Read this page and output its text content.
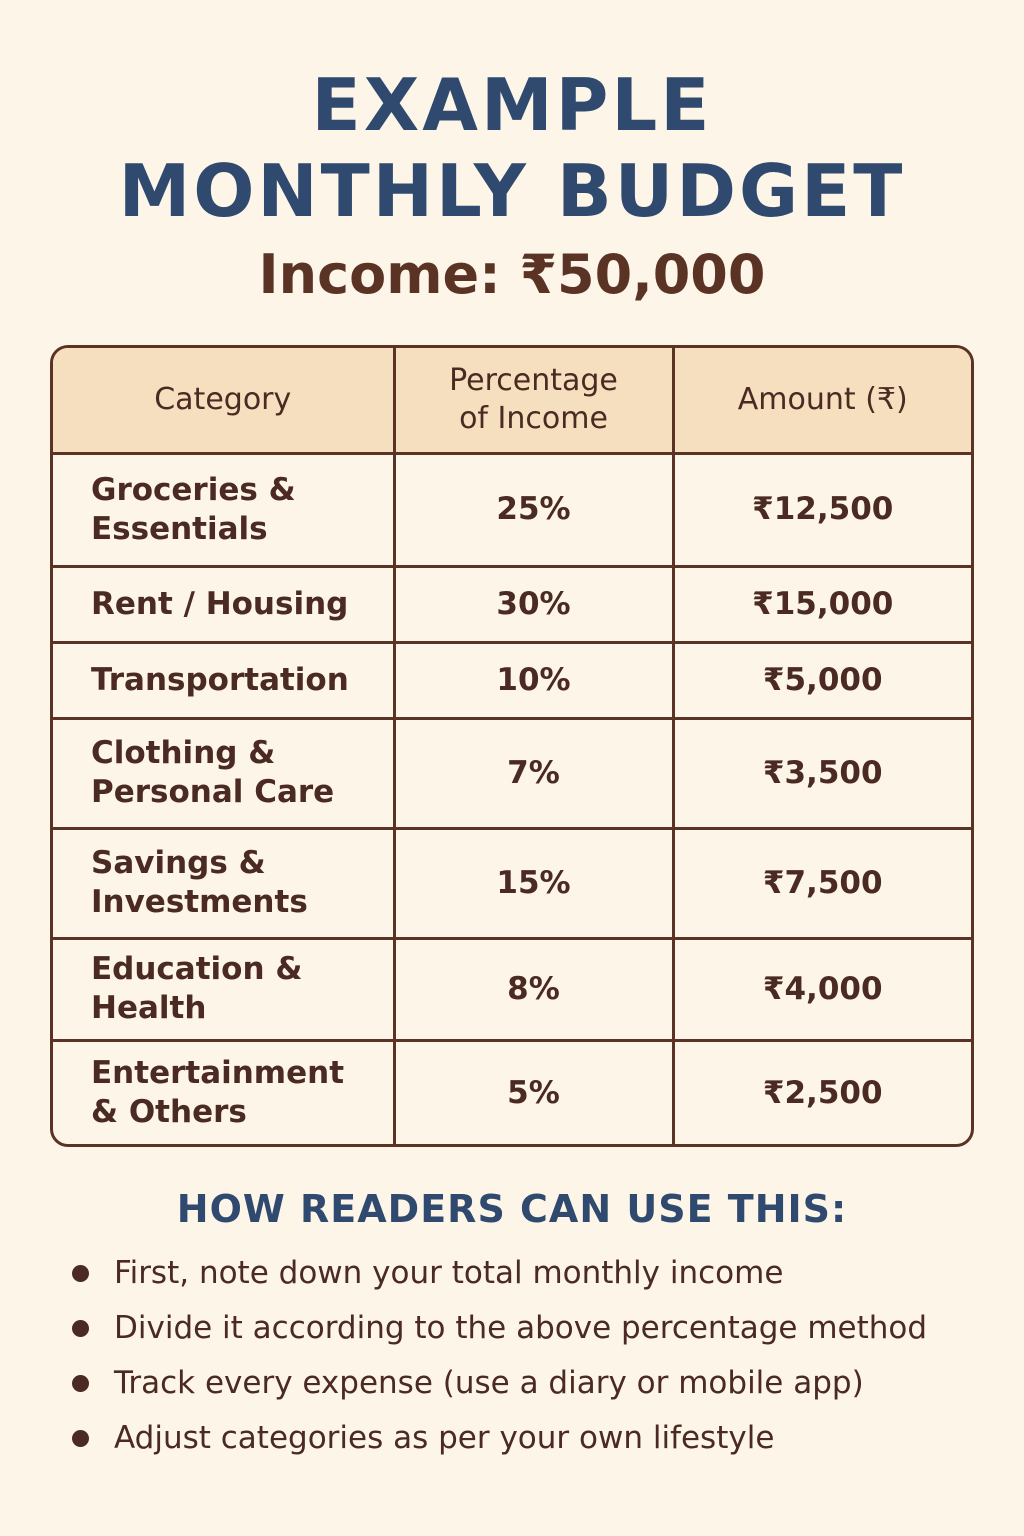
EXAMPLE
MONTHLY BUDGET
Income: ₹50,000
Category	Percentage of Income	Amount (₹)

Groceries & Essentials	25%	₹12,500
Rent / Housing	30%	₹15,000
Transportation	10%	₹5,000

Clothing & Personal Care	7%	₹3,500

Savings & Investments	15%	₹7,500

Education & Health	8%	₹4,000

Entertainment & Others	5%	₹2,500
HOW READERS CAN USE THIS:
First, note down your total monthly income
Divide it according to the above percentage method
Track every expense (use a diary or mobile app)
Adjust categories as per your own lifestyle
